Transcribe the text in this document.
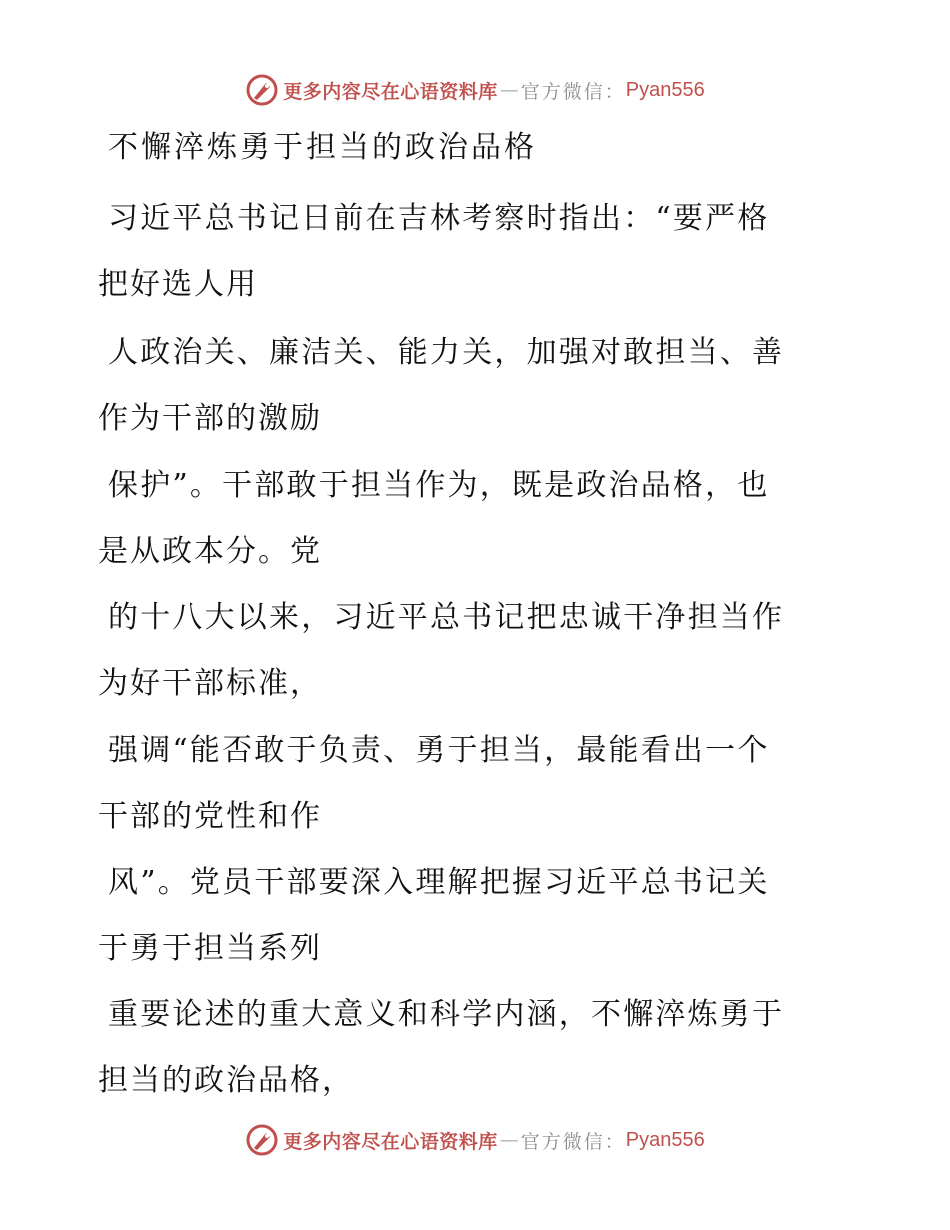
更多内容尽在心语资料库 — 官方微信： Pyan556
不懈淬炼勇于担当的政治品格
习近平总书记日前在吉林考察时指出：“要严格
把好选人用
人政治关、廉洁关、能力关，加强对敢担当、善
作为干部的激励
保护”。干部敢于担当作为，既是政治品格，也
是从政本分。党
的十八大以来，习近平总书记把忠诚干净担当作
为好干部标准，
强调“能否敢于负责、勇于担当，最能看出一个
干部的党性和作
风”。党员干部要深入理解把握习近平总书记关
于勇于担当系列
重要论述的重大意义和科学内涵，不懈淬炼勇于
担当的政治品格，
更多内容尽在心语资料库 — 官方微信： Pyan556
